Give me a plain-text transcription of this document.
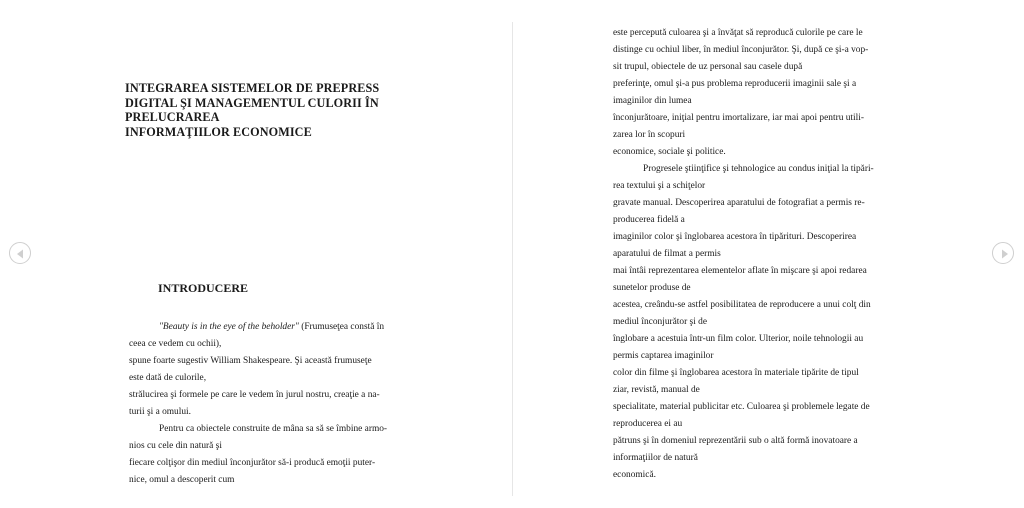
INTEGRAREA SISTEMELOR DE PREPRESS
DIGITAL ŞI MANAGEMENTUL CULORII ÎN
PRELUCRAREA
INFORMAŢIILOR ECONOMICE
INTRODUCERE
"Beauty is in the eye of the beholder" (Frumuseţea constă în
ceea ce vedem cu ochii),
spune foarte sugestiv William Shakespeare. Şi această frumuseţe
este dată de culorile,
strălucirea şi formele pe care le vedem în jurul nostru, creaţie a na-
turii şi a omului.
Pentru ca obiectele construite de mâna sa să se îmbine armo-
nios cu cele din natură şi
fiecare colţişor din mediul înconjurător să-i producă emoţii puter-
nice, omul a descoperit cum
este percepută culoarea şi a învăţat să reproducă culorile pe care le
distinge cu ochiul liber, în mediul înconjurător. Şi, după ce şi-a vop-
sit trupul, obiectele de uz personal sau casele după
preferinţe, omul şi-a pus problema reproducerii imaginii sale şi a
imaginilor din lumea
înconjurătoare, iniţial pentru imortalizare, iar mai apoi pentru utili-
zarea lor în scopuri
economice, sociale şi politice.
Progresele ştiinţifice şi tehnologice au condus iniţial la tipări-
rea textului şi a schiţelor
gravate manual. Descoperirea aparatului de fotografiat a permis re-
producerea fidelă a
imaginilor color şi înglobarea acestora în tipărituri. Descoperirea
aparatului de filmat a permis
mai întâi reprezentarea elementelor aflate în mişcare şi apoi redarea
sunetelor produse de
acestea, creându-se astfel posibilitatea de reproducere a unui colţ din
mediul înconjurător şi de
înglobare a acestuia într-un film color. Ulterior, noile tehnologii au
permis captarea imaginilor
color din filme şi înglobarea acestora în materiale tipărite de tipul
ziar, revistă, manual de
specialitate, material publicitar etc. Culoarea şi problemele legate de
reproducerea ei au
pătruns şi în domeniul reprezentării sub o altă formă inovatoare a
informaţiilor de natură
economică.
